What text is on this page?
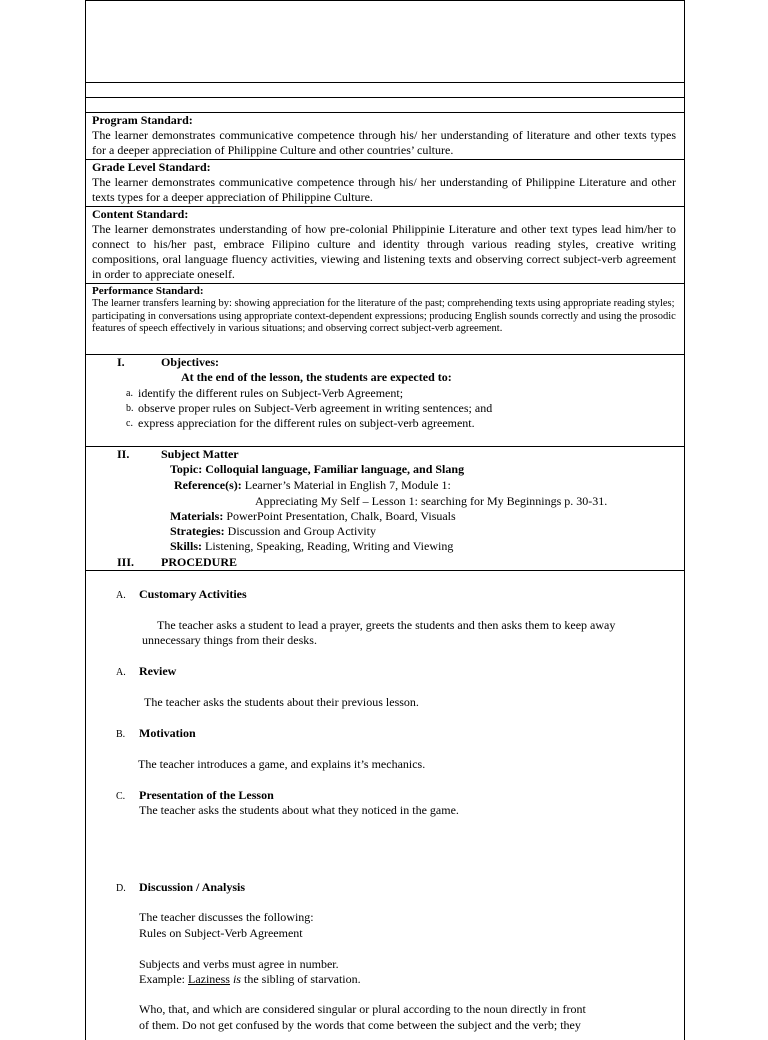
Program Standard:
The learner demonstrates communicative competence through his/ her understanding of literature and other texts types for a deeper appreciation of Philippine Culture and other countries’ culture.
Grade Level Standard:
The learner demonstrates communicative competence through his/ her understanding of Philippine Literature and other texts types for a deeper appreciation of Philippine Culture.
Content Standard:
The learner demonstrates understanding of how pre-colonial Philippinie Literature and other text types lead him/her to connect to his/her past, embrace Filipino culture and identity through various reading styles, creative writing compositions, oral language fluency activities, viewing and listening texts and observing correct subject-verb agreement in order to appreciate oneself.
Performance Standard:
The learner transfers learning by: showing appreciation for the literature of the past; comprehending texts using appropriate reading styles; participating in conversations using appropriate context-dependent expressions; producing English sounds correctly and using the prosodic features of speech effectively in various situations; and observing correct subject-verb agreement.
I.	Objectives:
At the end of the lesson, the students are expected to:
a. identify the different rules on Subject-Verb Agreement;
b. observe proper rules on Subject-Verb agreement in writing sentences; and
c. express appreciation for the different rules on subject-verb agreement.
II.	Subject Matter
Topic: Colloquial language, Familiar language, and Slang
Reference(s): Learner’s Material in English 7, Module 1:
Appreciating My Self – Lesson 1: searching for My Beginnings p. 30-31.
Materials: PowerPoint Presentation, Chalk, Board, Visuals
Strategies: Discussion and Group Activity
Skills: Listening, Speaking, Reading, Writing and Viewing
III. PROCEDURE
A. Customary Activities
The teacher asks a student to lead a prayer, greets the students and then asks them to keep away unnecessary things from their desks.
A. Review
The teacher asks the students about their previous lesson.
B. Motivation
The teacher introduces a game, and explains it’s mechanics.
C. Presentation of the Lesson
The teacher asks the students about what they noticed in the game.
D. Discussion / Analysis
The teacher discusses the following:
Rules on Subject-Verb Agreement
Subjects and verbs must agree in number.
Example: Laziness is the sibling of starvation.
Who, that, and which are considered singular or plural according to the noun directly in front
of them. Do not get confused by the words that come between the subject and the verb; they
